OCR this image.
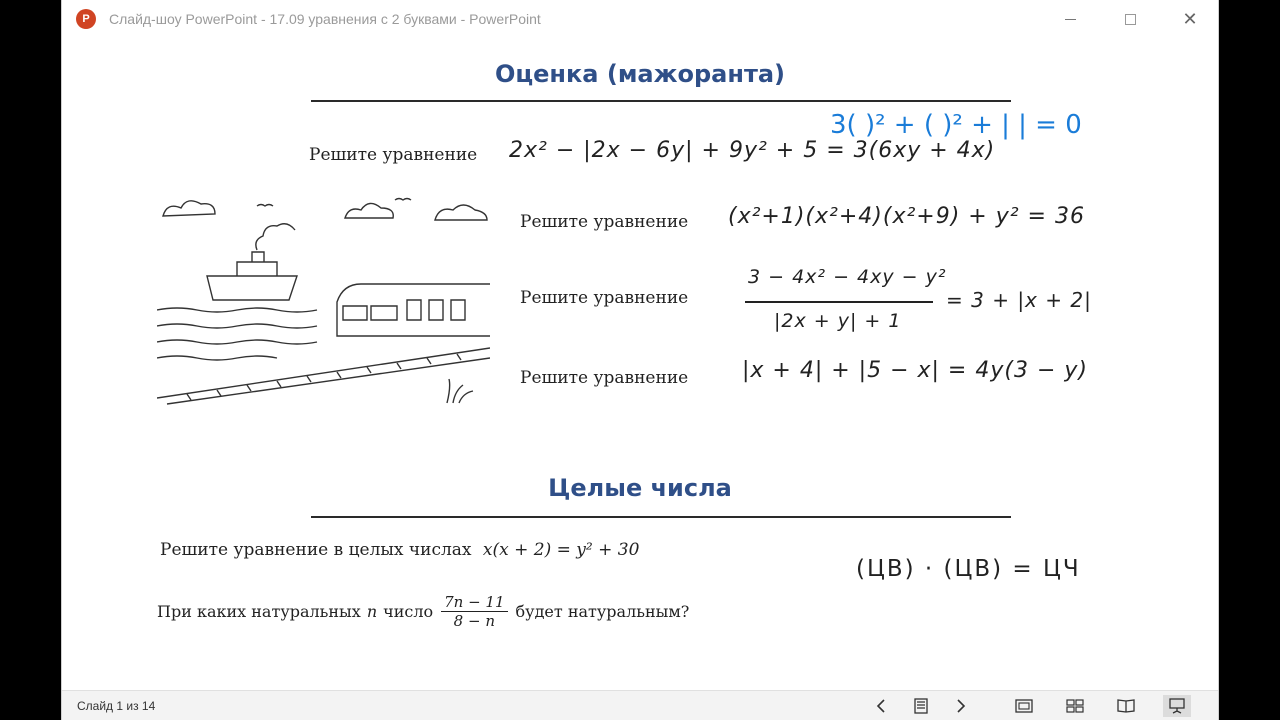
P	Слайд-шоу PowerPoint - 17.09 уравнения с 2 буквами - PowerPoint	✕
Оценка (мажоранта)
Решите уравнение 2x² − |2x − 6y| + 9y² + 5 = 3(6xy + 4x)
3( )² + ( )² + | | = 0
Решите уравнение (x²+1)(x²+4)(x²+9) + y² = 36
Решите уравнение
3 − 4x² − 4xy − y²
|2x + y| + 1
= 3 + |x + 2|
Решите уравнение |x + 4| + |5 − x| = 4y(3 − y)
Целые числа
Решите уравнение в целых числах x(x + 2) = y² + 30
При каких натуральных n число 7n − 11
8 − n будет натуральным?
(ЦВ) · (ЦВ) = ЦЧ
Слайд 1 из 14
